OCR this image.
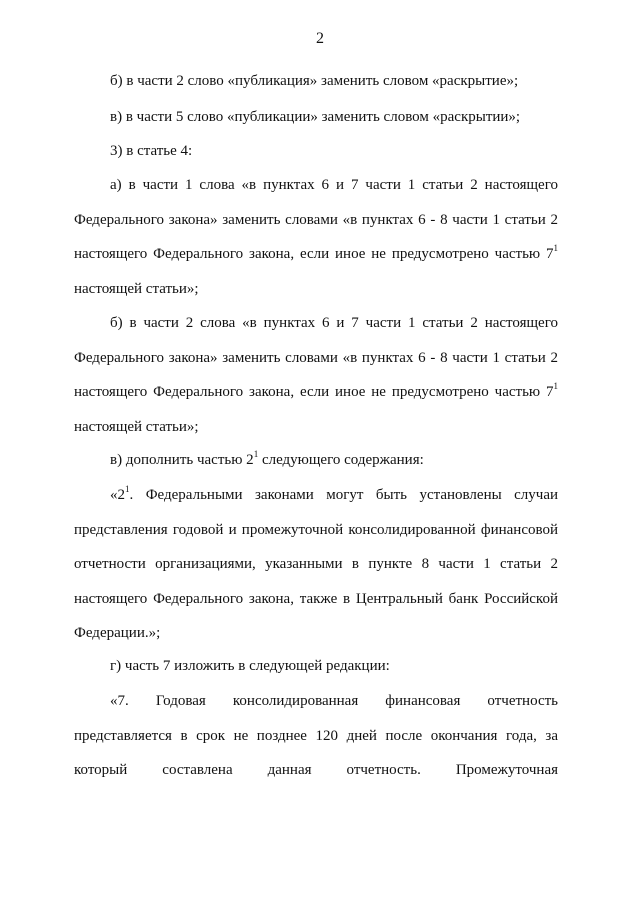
2
б) в части 2 слово «публикация» заменить словом «раскрытие»;
в) в части 5 слово «публикации» заменить словом «раскрытии»;
3) в статье 4:
а) в части 1 слова «в пунктах 6 и 7 части 1 статьи 2 настоящего Федерального закона» заменить словами «в пунктах 6 - 8 части 1 статьи 2 настоящего Федерального закона, если иное не предусмотрено частью $7^1$ настоящей статьи»;
б) в части 2 слова «в пунктах 6 и 7 части 1 статьи 2 настоящего Федерального закона» заменить словами «в пунктах 6 - 8 части 1 статьи 2 настоящего Федерального закона, если иное не предусмотрено частью $7^1$ настоящей статьи»;
в) дополнить частью $2^1$ следующего содержания:
«$2^1$. Федеральными законами могут быть установлены случаи представления годовой и промежуточной консолидированной финансовой отчетности организациями, указанными в пункте 8 части 1 статьи 2 настоящего Федерального закона, также в Центральный банк Российской Федерации.»;
г) часть 7 изложить в следующей редакции:
«7. Годовая консолидированная финансовая отчетность представляется в срок не позднее 120 дней после окончания года, за который составлена данная отчетность. Промежуточная
